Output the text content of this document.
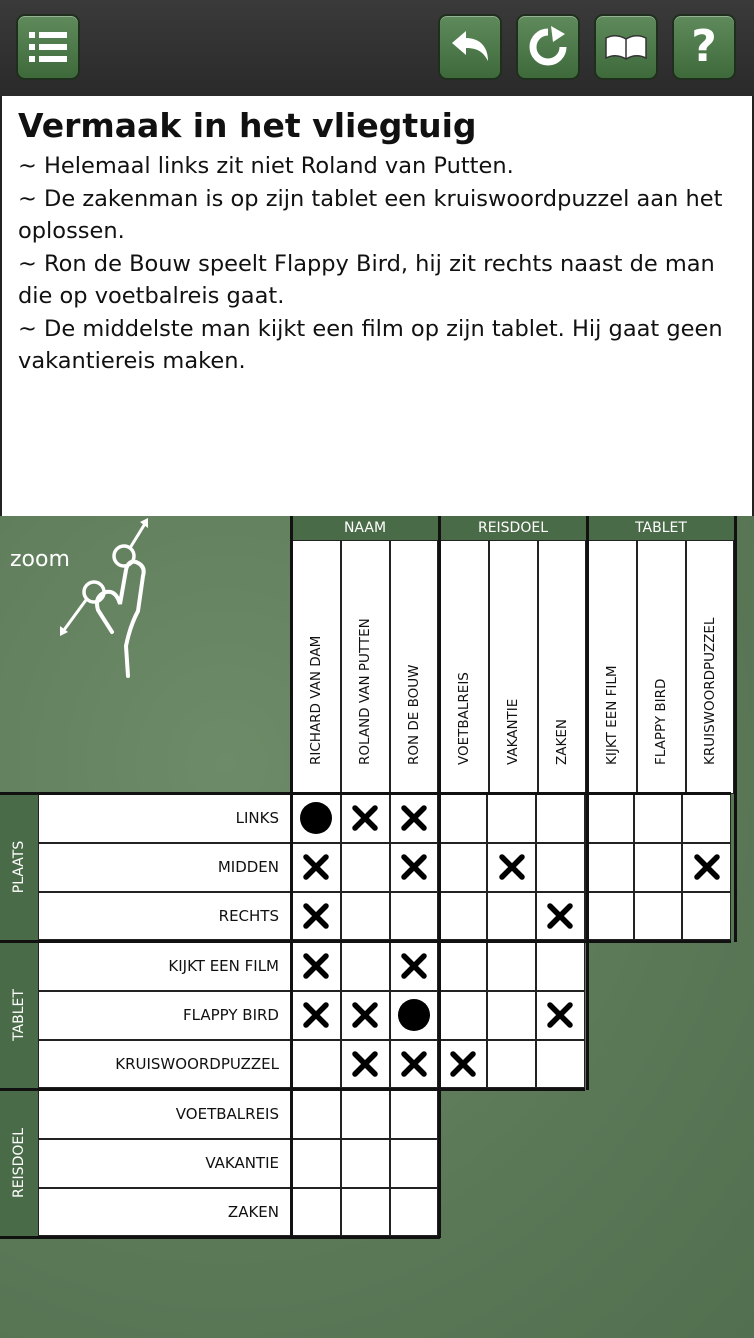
?
Vermaak in het vliegtuig

~ Helemaal links zit niet Roland van Putten.

~ De zakenman is op zijn tablet een kruiswoordpuzzel aan het oplossen.

~ Ron de Bouw speelt Flappy Bird, hij zit rechts naast de man die op voetbalreis gaat.

~ De middelste man kijkt een film op zijn tablet. Hij gaat geen vakantiereis maken.

zoom
NAAM
RICHARD VAN DAM ROLAND VAN PUTTEN RON DE BOUW
REISDOEL
VOETBALREIS VAKANTIE ZAKEN
TABLET
KIJKT EEN FILM FLAPPY BIRD KRUISWOORDPUZZEL
PLAATS
LINKS
MIDDEN
RECHTS
TABLET
KIJKT EEN FILM
FLAPPY BIRD
KRUISWOORDPUZZEL
REISDOEL
VOETBALREIS
VAKANTIE
ZAKEN
